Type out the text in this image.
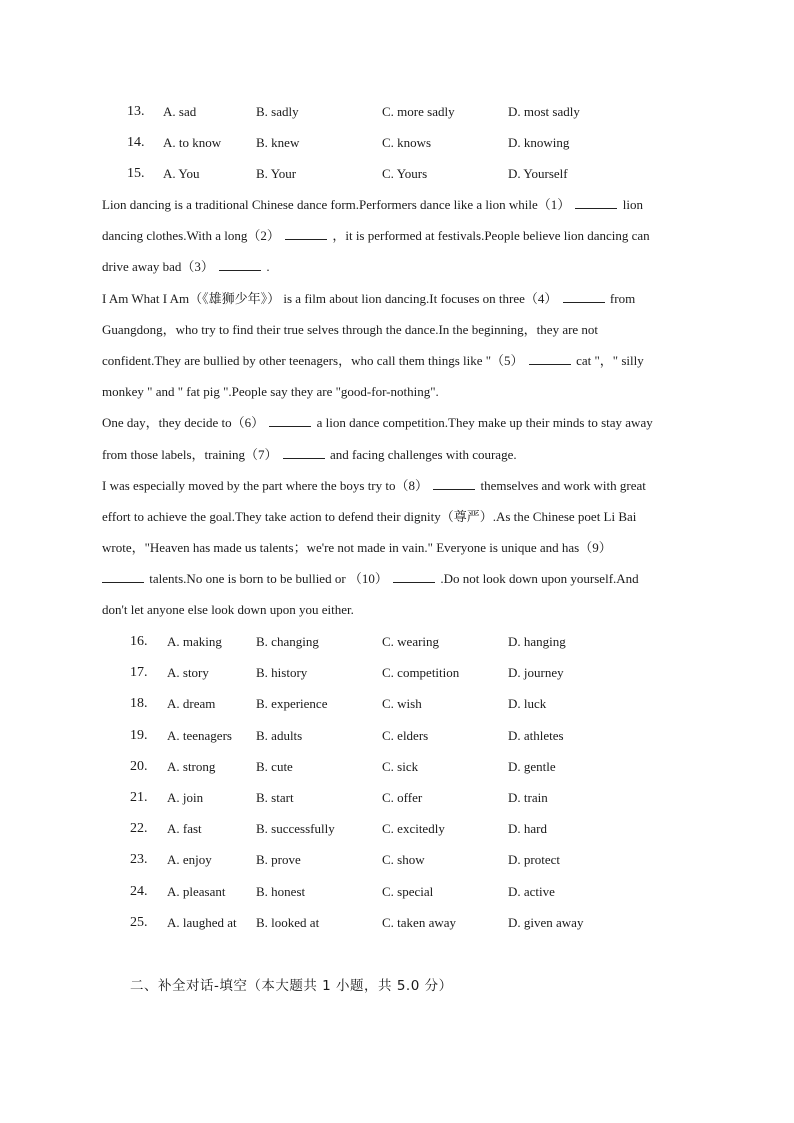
13.	A. sad	B. sadly	C. more sadly	D. most sadly
14.	A. to know	B. knew	C. knows	D. knowing
15.	A. You	B. Your	C. Yours	D. Yourself
Lion dancing is a traditional Chinese dance form.Performers dance like a lion while（1）	lion
dancing clothes.With a long（2）	，it is performed at festivals.People believe lion dancing can
drive away bad（3）	.
I Am What I Am（《雄狮少年》） is a film about lion dancing.It focuses on three（4）	from
Guangdong，who try to find their true selves through the dance.In the beginning，they are not
confident.They are bullied by other teenagers，who call them things like "（5）	cat "，" silly
monkey " and " fat pig ".People say they are "good-for-nothing".
One day，they decide to（6）	a lion dance competition.They make up their minds to stay away
from those labels，training（7）	and facing challenges with courage.
I was especially moved by the part where the boys try to（8）	themselves and work with great
effort to achieve the goal.They take action to defend their dignity（尊严）.As the Chinese poet Li Bai
wrote，"Heaven has made us talents；we're not made in vain." Everyone is unique and has（9）
talents.No one is born to be bullied or （10）	.Do not look down upon yourself.And
don't let anyone else look down upon you either.
16.	A. making	B. changing	C. wearing	D. hanging
17.	A. story	B. history	C. competition	D. journey
18.	A. dream	B. experience	C. wish	D. luck
19.	A. teenagers B. adults	C. elders	D. athletes
20.	A. strong	B. cute	C. sick	D. gentle
21.	A. join	B. start	C. offer	D. train
22.	A. fast	B. successfully	C. excitedly	D. hard
23.	A. enjoy	B. prove	C. show	D. protect
24.	A. pleasant B. honest	C. special	D. active
25.	A. laughed at B. looked at	C. taken away	D. given away
二、补全对话-填空（本大题共 1 小题，共 5.0 分）
